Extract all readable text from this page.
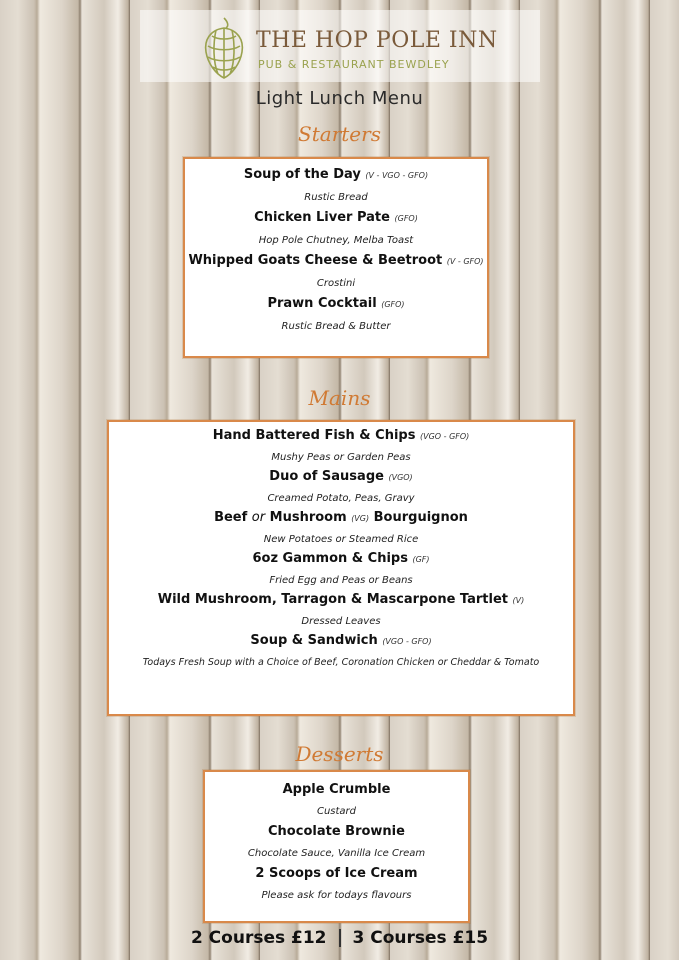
THE HOP POLE INN
PUB & RESTAURANT BEWDLEY
Light Lunch Menu
Starters
Soup of the Day (V - VGO - GFO)
Rustic Bread
Chicken Liver Pate (GFO)
Hop Pole Chutney, Melba Toast
Whipped Goats Cheese & Beetroot (V - GFO)
Crostini
Prawn Cocktail (GFO)
Rustic Bread & Butter
Mains
Hand Battered Fish & Chips (VGO - GFO)
Mushy Peas or Garden Peas
Duo of Sausage (VGO)
Creamed Potato, Peas, Gravy
Beef or Mushroom (VG) Bourguignon
New Potatoes or Steamed Rice
6oz Gammon & Chips (GF)
Fried Egg and Peas or Beans
Wild Mushroom, Tarragon & Mascarpone Tartlet (V)
Dressed Leaves
Soup & Sandwich (VGO - GFO)
Todays Fresh Soup with a Choice of Beef, Coronation Chicken or Cheddar & Tomato
Desserts
Apple Crumble
Custard
Chocolate Brownie
Chocolate Sauce, Vanilla Ice Cream
2 Scoops of Ice Cream
Please ask for todays flavours
2 Courses £12 3 Courses £15
